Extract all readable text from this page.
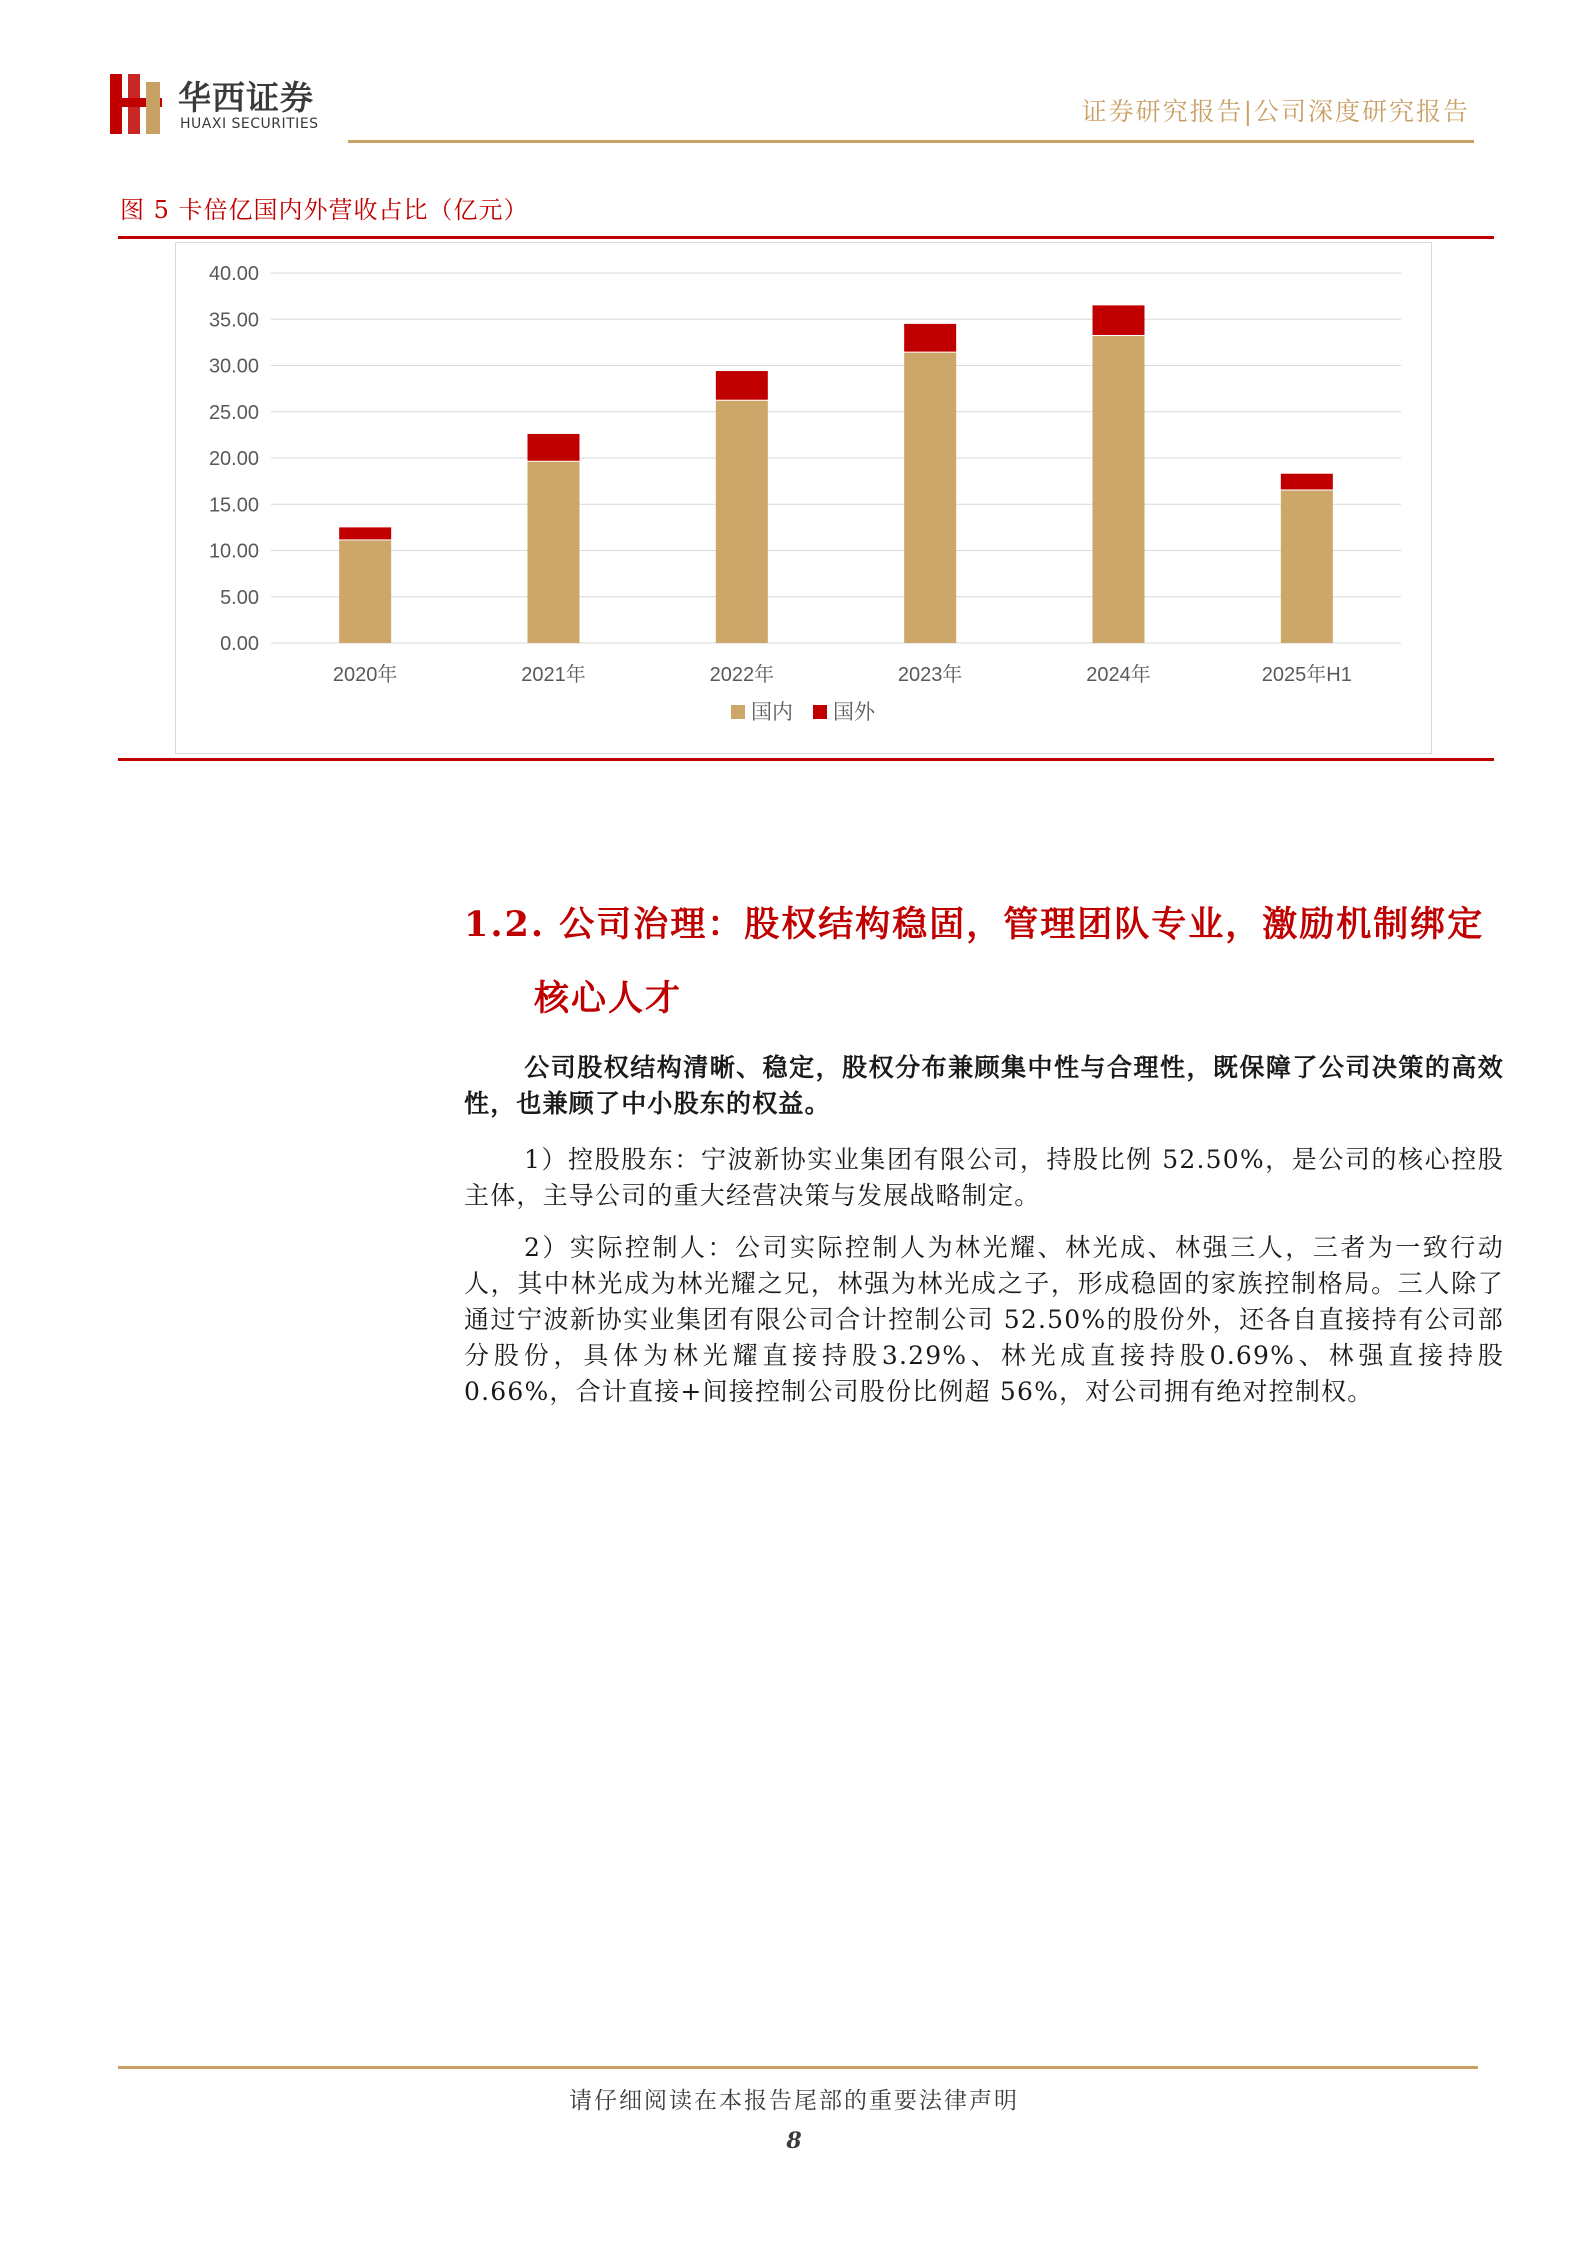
华西证券
HUAXI SECURITIES	证券研究报告|公司深度研究报告
图 5 卡倍亿国内外营收占比（亿元）
0.00
5.00
10.00
15.00
20.00
25.00
30.00
35.00
40.00
2020年	2021年	2022年	2023年	2024年	2025年H1
国内 国外
1.2. 公司治理：股权结构稳固，管理团队专业，激励机制绑定
核心人才
公司股权结构清晰、稳定，股权分布兼顾集中性与合理性，既保障了公司决策的高效性，也兼顾了中小股东的权益。
1）控股股东：宁波新协实业集团有限公司，持股比例 52.50%，是公司的核心控股主体，主导公司的重大经营决策与发展战略制定。
2）实际控制人：公司实际控制人为林光耀、林光成、林强三人，三者为一致行动人，其中林光成为林光耀之兄，林强为林光成之子，形成稳固的家族控制格局。三人除了通过宁波新协实业集团有限公司合计控制公司 52.50%的股份外，还各自直接持有公司部分股份，具体为林光耀直接持股3.29%、林光成直接持股0.69%、林强直接持股 0.66%，合计直接+间接控制公司股份比例超 56%，对公司拥有绝对控制权。
请仔细阅读在本报告尾部的重要法律声明
8
